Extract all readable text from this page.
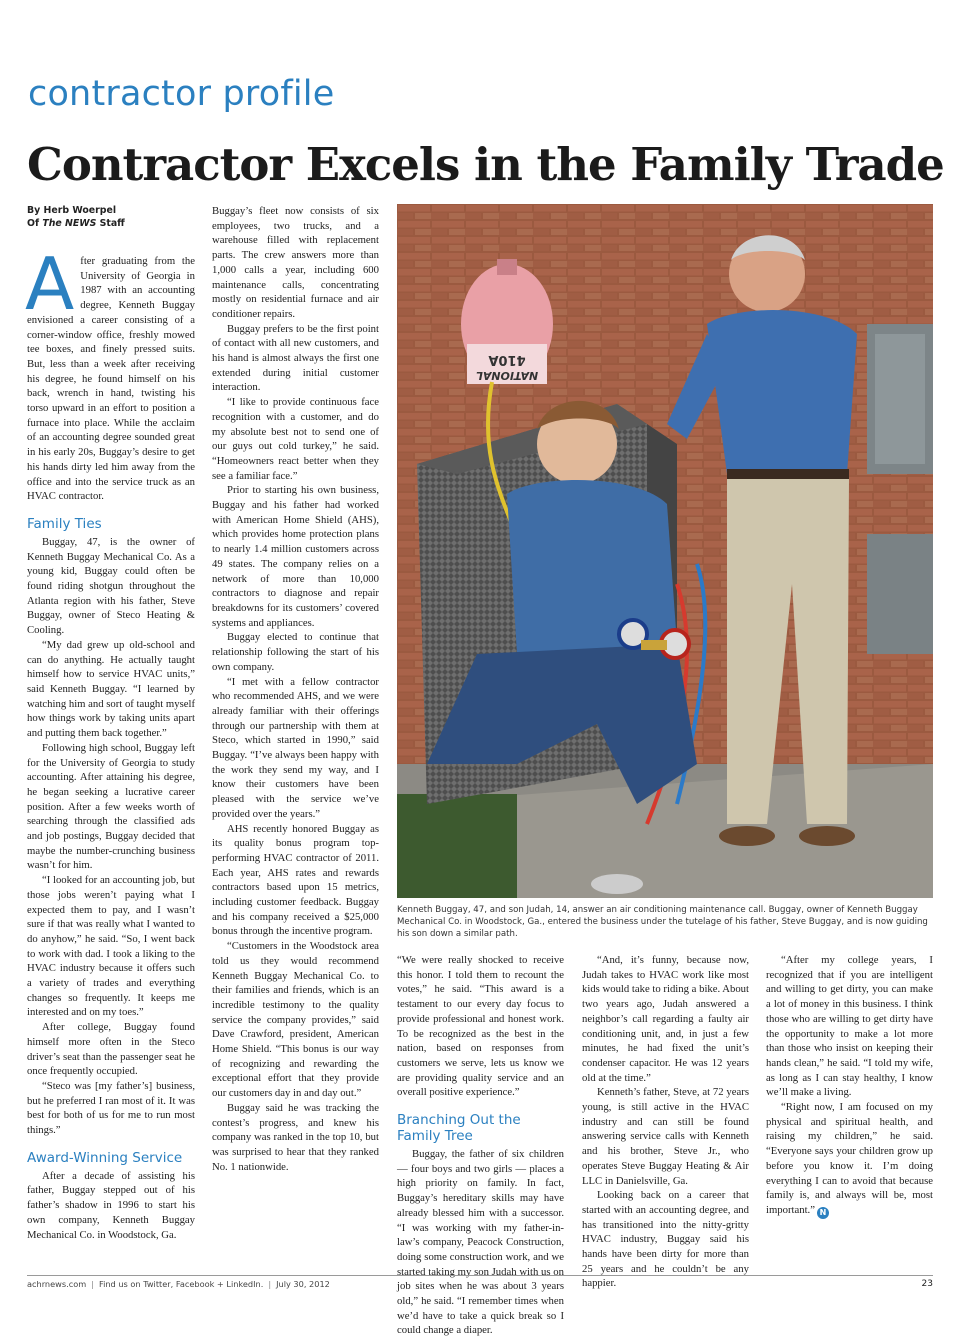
contractor profile
Contractor Excels in the Family Trade
By Herb Woerpel
Of The NEWS Staff

After graduating from the University of Georgia in 1987 with an accounting degree, Kenneth Buggay envisioned a career consisting of a corner-window office, freshly mowed tee boxes, and finely pressed suits. But, less than a week after receiving his degree, he found himself on his back, wrench in hand, twisting his torso upward in an effort to position a furnace into place. While the acclaim of an accounting degree sounded great in his early 20s, Buggay’s desire to get his hands dirty led him away from the office and into the service truck as an HVAC contractor.

Family Ties

Buggay, 47, is the owner of Kenneth Buggay Mechanical Co. As a young kid, Buggay could often be found riding shotgun throughout the Atlanta region with his father, Steve Buggay, owner of Steco Heating & Cooling.

“My dad grew up old-school and can do anything. He actually taught himself how to service HVAC units,” said Kenneth Buggay. “I learned by watching him and sort of taught myself how things work by taking units apart and putting them back together.”

Following high school, Buggay left for the University of Georgia to study accounting. After attaining his degree, he began seeking a lucrative career position. After a few weeks worth of searching through the classified ads and job postings, Buggay decided that maybe the number-crunching business wasn’t for him.

“I looked for an accounting job, but those jobs weren’t paying what I expected them to pay, and I wasn’t sure if that was really what I wanted to do anyhow,” he said. “So, I went back to work with dad. I took a liking to the HVAC industry because it offers such a variety of trades and everything changes so frequently. It keeps me interested and on my toes.”

After college, Buggay found himself more often in the Steco driver’s seat than the passenger seat he once frequently occupied.

“Steco was [my father’s] business, but he preferred I ran most of it. It was best for both of us for me to run most things.”

Award-Winning Service

After a decade of assisting his father, Buggay stepped out of his father’s shadow in 1996 to start his own company, Kenneth Buggay Mechanical Co. in Woodstock, Ga.

Buggay’s fleet now consists of six employees, two trucks, and a warehouse filled with replacement parts. The crew answers more than 1,000 calls a year, including 600 maintenance calls, concentrating mostly on residential furnace and air conditioner repairs.

Buggay prefers to be the first point of contact with all new customers, and his hand is almost always the first one extended during initial customer interaction.

“I like to provide continuous face recognition with a customer, and do my absolute best not to send one of our guys out cold turkey,” he said. “Homeowners react better when they see a familiar face.”

Prior to starting his own business, Buggay and his father had worked with American Home Shield (AHS), which provides home protection plans to nearly 1.4 million customers across 49 states. The company relies on a network of more than 10,000 contractors to diagnose and repair breakdowns for its customers’ covered systems and appliances.

Buggay elected to continue that relationship following the start of his own company.

“I met with a fellow contractor who recommended AHS, and we were already familiar with their offerings through our partnership with them at Steco, which started in 1990,” said Buggay. “I’ve always been happy with the work they send my way, and I know their customers have been pleased with the service we’ve provided over the years.”

AHS recently honored Buggay as its quality bonus program top-performing HVAC contractor of 2011. Each year, AHS rates and rewards contractors based upon 15 metrics, including customer feedback. Buggay and his company received a $25,000 bonus through the incentive program.

“Customers in the Woodstock area told us they would recommend Kenneth Buggay Mechanical Co. to their families and friends, which is an incredible testimony to the quality service the company provides,” said Dave Crawford, president, American Home Shield. “This bonus is our way of recognizing and rewarding the exceptional effort that they provide our customers day in and day out.”

Buggay said he was tracking the contest’s progress, and knew his company was ranked in the top 10, but was surprised to hear that they ranked No. 1 nationwide.

410A
NATIONAL
Kenneth Buggay, 47, and son Judah, 14, answer an air conditioning maintenance call. Buggay, owner of Kenneth Buggay Mechanical Co. in Woodstock, Ga., entered the business under the tutelage of his father, Steve Buggay, and is now guiding his son down a similar path.

“We were really shocked to receive this honor. I told them to recount the votes,” he said. “This award is a testament to our every day focus to provide professional and honest work. To be recognized as the best in the nation, based on responses from customers we serve, lets us know we are providing quality service and an overall positive experience.”

Branching Out the Family Tree

Buggay, the father of six children — four boys and two girls — places a high priority on family. In fact, Buggay’s hereditary skills may have already blessed him with a successor. “I was working with my father-in-law’s company, Peacock Construction, doing some construction work, and we started taking my son Judah with us on job sites when he was about 3 years old,” he said. “I remember times when we’d have to take a quick break so I could change a diaper.

“And, it’s funny, because now, Judah takes to HVAC work like most kids would take to riding a bike. About two years ago, Judah answered a neighbor’s call regarding a faulty air conditioning unit, and, in just a few minutes, he had fixed the unit’s condenser capacitor. He was 12 years old at the time.”

Kenneth’s father, Steve, at 72 years young, is still active in the HVAC industry and can still be found answering service calls with Kenneth and his brother, Steve Jr., who operates Steve Buggay Heating & Air LLC in Danielsville, Ga.

Looking back on a career that started with an accounting degree, and has transitioned into the nitty-gritty HVAC industry, Buggay said his hands have been dirty for more than 25 years and he couldn’t be any happier.

“After my college years, I recognized that if you are intelligent and willing to get dirty, you can make a lot of money in this business. I think those who are willing to get dirty have the opportunity to make a lot more than those who insist on keeping their hands clean,” he said. “I told my wife, as long as I can stay healthy, I know we’ll make a living.

“Right now, I am focused on my physical and spiritual health, and raising my children,” he said. “Everyone says your children grow up before you know it. I’m doing everything I can to avoid that because family is, and always will be, most important.” N

achrnews.com | Find us on Twitter, Facebook + LinkedIn. | July 30, 2012	23
